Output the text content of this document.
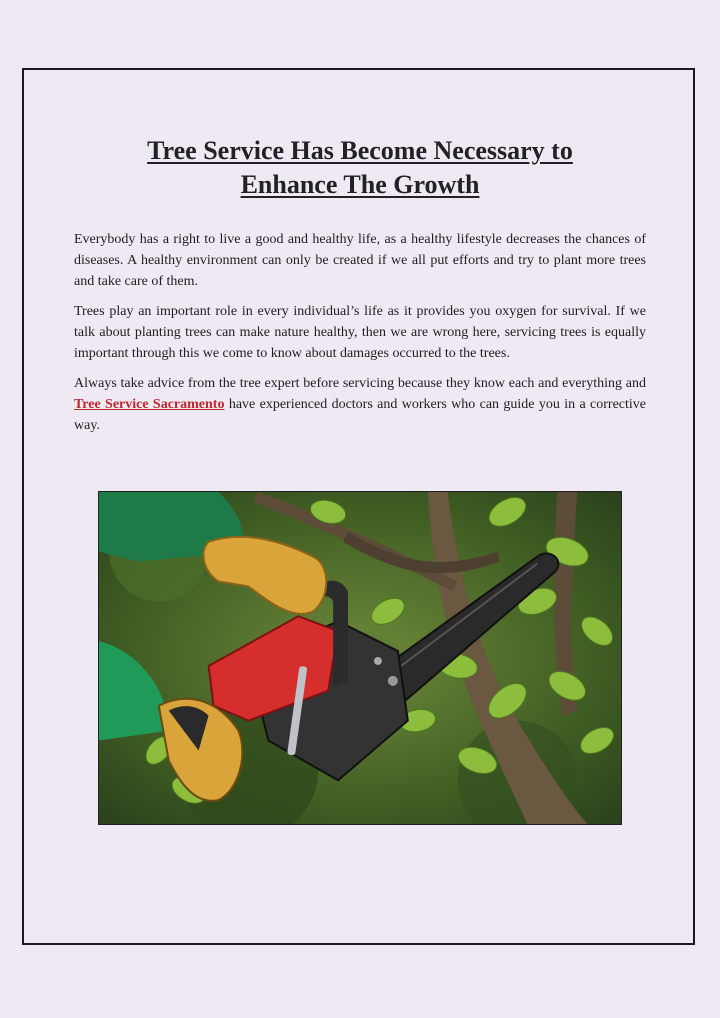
Tree Service Has Become Necessary to
Enhance The Growth

Everybody has a right to live a good and healthy life, as a healthy lifestyle decreases the chances of diseases. A healthy environment can only be created if we all put efforts and try to plant more trees and take care of them.

Trees play an important role in every individual’s life as it provides you oxygen for survival. If we talk about planting trees can make nature healthy, then we are wrong here, servicing trees is equally important through this we come to know about damages occurred to the trees.

Always take advice from the tree expert before servicing because they know each and everything and Tree Service Sacramento have experienced doctors and workers who can guide you in a corrective way.
